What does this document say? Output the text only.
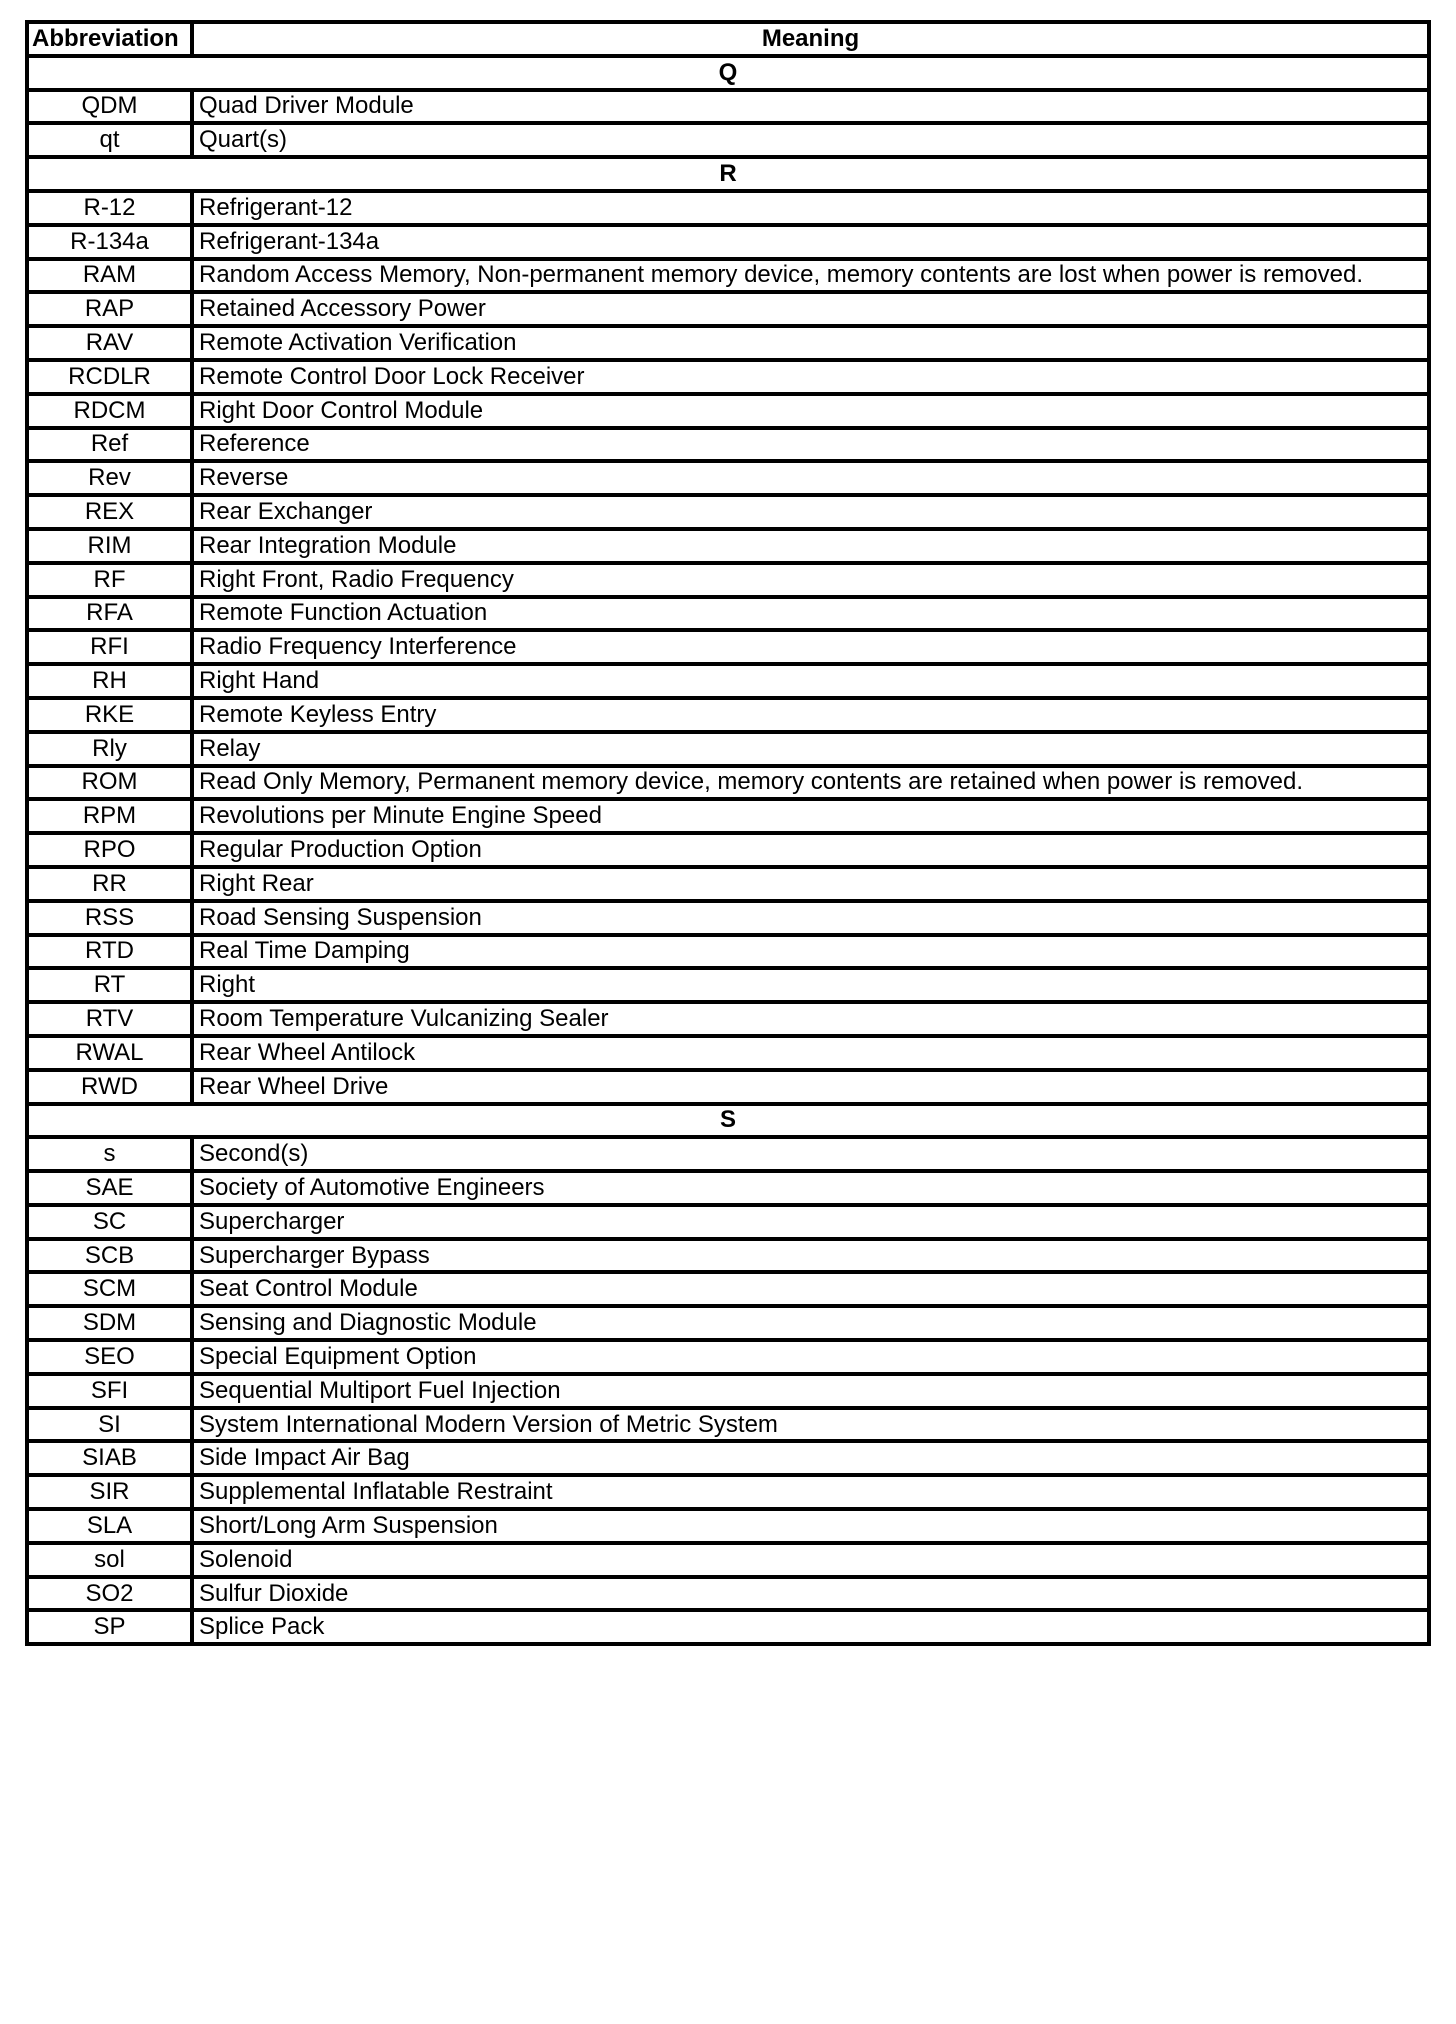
Abbreviation	Meaning
Q	
QDM	Quad Driver Module
qt	Quart(s)
R	
R-12	Refrigerant-12
R-134a	Refrigerant-134a
RAM	Random Access Memory, Non-permanent memory device, memory contents are lost when power is removed.
RAP	Retained Accessory Power
RAV	Remote Activation Verification
RCDLR	Remote Control Door Lock Receiver
RDCM	Right Door Control Module
Ref	Reference
Rev	Reverse
REX	Rear Exchanger
RIM	Rear Integration Module
RF	Right Front, Radio Frequency
RFA	Remote Function Actuation
RFI	Radio Frequency Interference
RH	Right Hand
RKE	Remote Keyless Entry
Rly	Relay
ROM	Read Only Memory, Permanent memory device, memory contents are retained when power is removed.
RPM	Revolutions per Minute Engine Speed
RPO	Regular Production Option
RR	Right Rear
RSS	Road Sensing Suspension
RTD	Real Time Damping
RT	Right
RTV	Room Temperature Vulcanizing Sealer
RWAL	Rear Wheel Antilock
RWD	Rear Wheel Drive
S	
s	Second(s)
SAE	Society of Automotive Engineers
SC	Supercharger
SCB	Supercharger Bypass
SCM	Seat Control Module
SDM	Sensing and Diagnostic Module
SEO	Special Equipment Option
SFI	Sequential Multiport Fuel Injection
SI	System International Modern Version of Metric System
SIAB	Side Impact Air Bag
SIR	Supplemental Inflatable Restraint
SLA	Short/Long Arm Suspension
sol	Solenoid
SO2	Sulfur Dioxide
SP	Splice Pack
